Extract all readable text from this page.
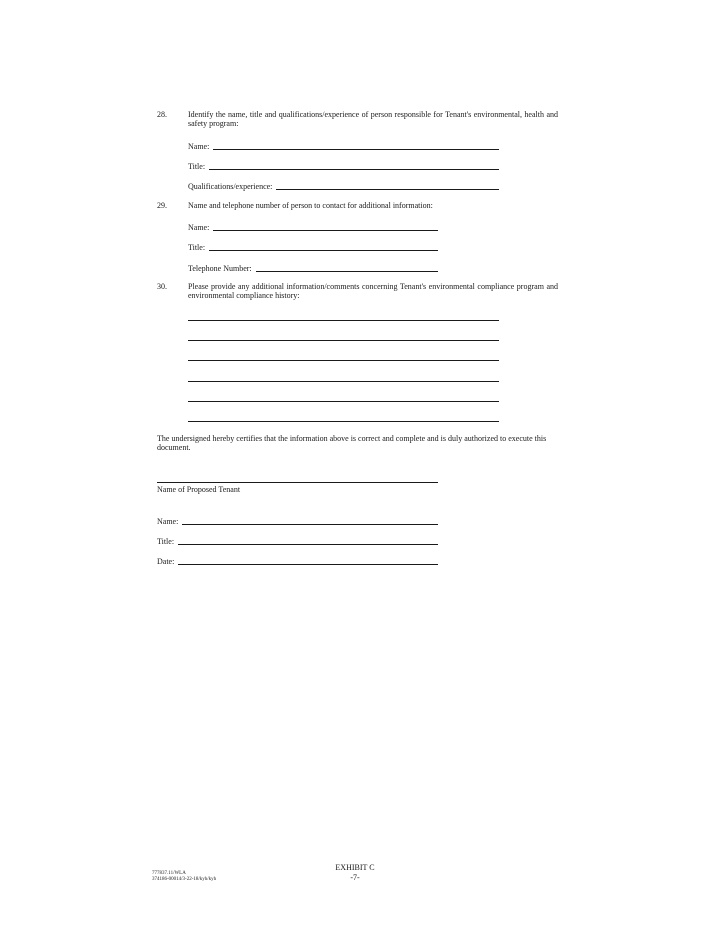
28.	Identify the name, title and qualifications/experience of person responsible for Tenant's environmental, health and safety program:
Name:
Title:
Qualifications/experience:
29.	Name and telephone number of person to contact for additional information:
Name:
Title:
Telephone Number:
30.	Please provide any additional information/comments concerning Tenant's environmental compliance program and environmental compliance history:
The undersigned hereby certifies that the information above is correct and complete and is duly authorized to execute this document.
Name of Proposed Tenant
Name:
Title:
Date:
777837.11/WLA
374186-00014/3-22-18/kyh/kyh
EXHIBIT C
-7-
